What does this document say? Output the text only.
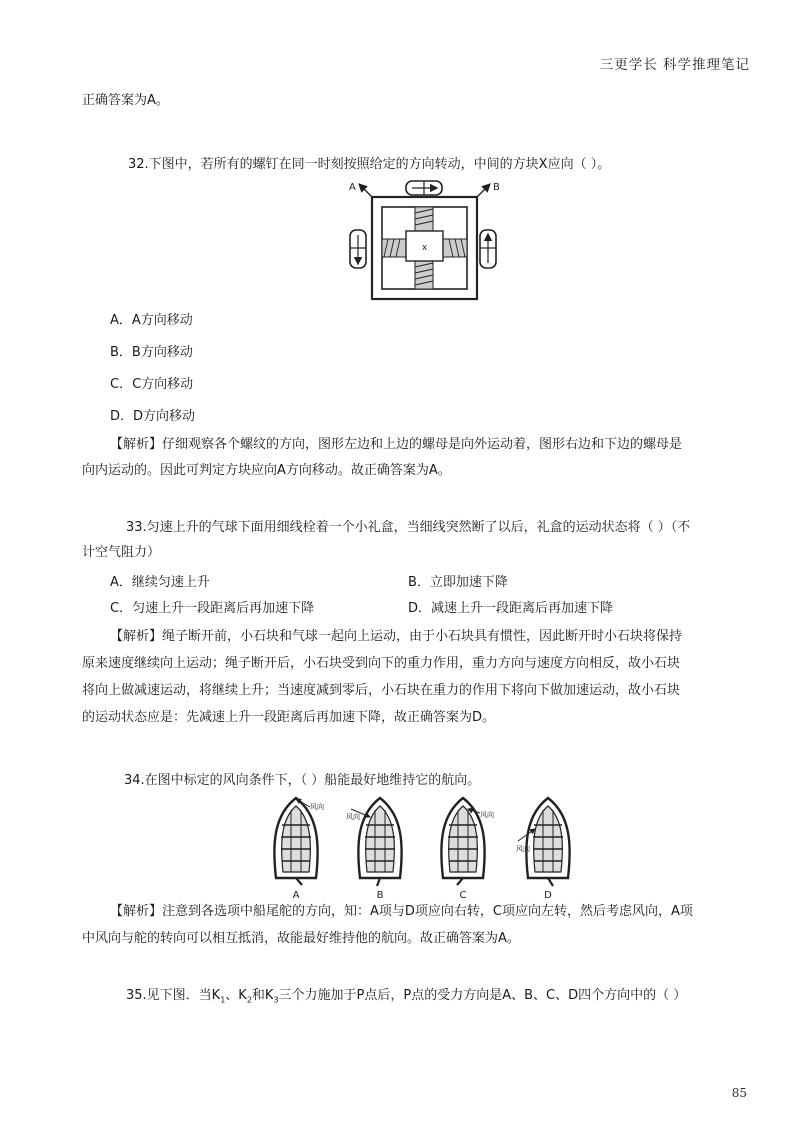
三更学长 科学推理笔记
正确答案为A。
32.下图中，若所有的螺钉在同一时刻按照给定的方向转动，中间的方块X应向（ ）。
x
A	B
A．A方向移动
B．B方向移动
C．C方向移动
D．D方向移动
【解析】仔细观察各个螺纹的方向，图形左边和上边的螺母是向外运动着，图形右边和下边的螺母是
向内运动的。因此可判定方块应向A方向移动。故正确答案为A。
33.匀速上升的气球下面用细线栓着一个小礼盒，当细线突然断了以后，礼盒的运动状态将（ ）（不
计空气阻力）
A．继续匀速上升	B．立即加速下降
C．匀速上升一段距离后再加速下降	D．减速上升一段距离后再加速下降
【解析】绳子断开前，小石块和气球一起向上运动，由于小石块具有惯性，因此断开时小石块将保持
原来速度继续向上运动；绳子断开后，小石块受到向下的重力作用，重力方向与速度方向相反，故小石块
将向上做减速运动，将继续上升；当速度减到零后，小石块在重力的作用下将向下做加速运动，故小石块
的运动状态应是：先减速上升一段距离后再加速下降，故正确答案为D。
34.在图中标定的风向条件下，（ ）船能最好地维持它的航向。
风向
风向	风向
风向
A	B	C	D
【解析】注意到各选项中船尾舵的方向，知：A项与D项应向右转，C项应向左转，然后考虑风向，A项
中风向与舵的转向可以相互抵消，故能最好维持他的航向。故正确答案为A。
35.见下图．当$K_1$、$K_2$和$K_3$三个力施加于P点后，P点的受力方向是A、B、C、D四个方向中的（ ）
85
